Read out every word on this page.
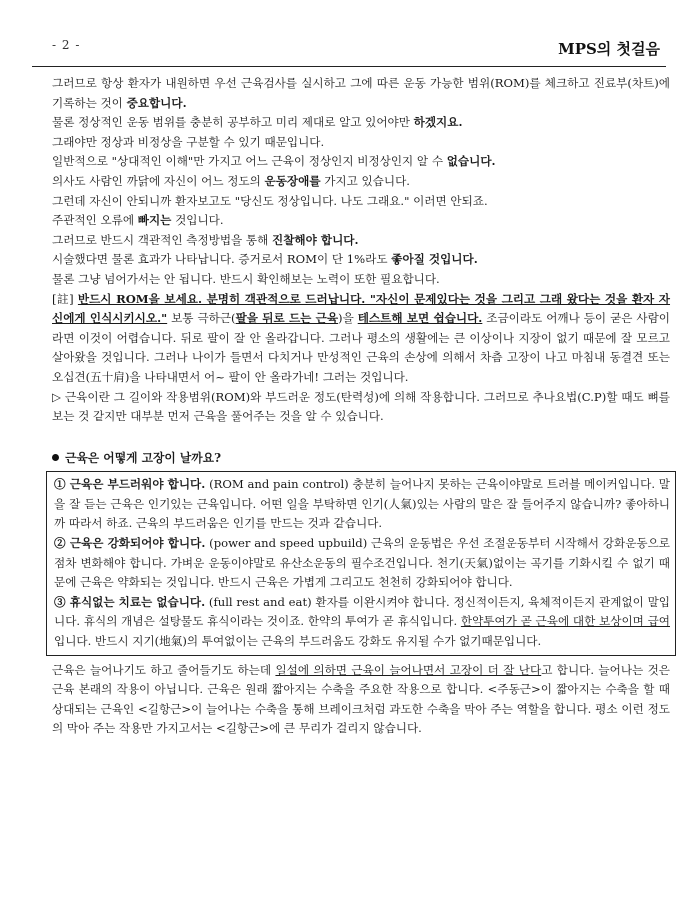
- 2 -	MPS의 첫걸음

그러므로 항상 환자가 내원하면 우선 근육검사를 실시하고 그에 따른 운동 가능한 범위(ROM)를 체크하고 진료부(차트)에 기록하는 것이 중요합니다.

물론 정상적인 운동 범위를 충분히 공부하고 미리 제대로 알고 있어야만 하겠지요.

그래야만 정상과 비정상을 구분할 수 있기 때문입니다.

일반적으로 "상대적인 이해"만 가지고 어느 근육이 정상인지 비정상인지 알 수 없습니다.

의사도 사람인 까닭에 자신이 어느 정도의 운동장애를 가지고 있습니다.

그런데 자신이 안되니까 환자보고도 "당신도 정상입니다. 나도 그래요." 이러면 안되죠.

주관적인 오류에 빠지는 것입니다.

그러므로 반드시 객관적인 측정방법을 통해 진찰해야 합니다.

시술했다면 물론 효과가 나타납니다. 증거로서 ROM이 단 1%라도 좋아질 것입니다.

물론 그냥 넘어가서는 안 됩니다. 반드시 확인해보는 노력이 또한 필요합니다.

[註] 반드시 ROM을 보세요. 분명히 객관적으로 드러납니다. "자신이 문제있다는 것을 그리고 그래 왔다는 것을 환자 자신에게 인식시키시오." 보통 극하근(팔을 뒤로 드는 근육)을 테스트해 보면 쉽습니다. 조금이라도 어깨나 등이 굳은 사람이라면 이것이 어렵습니다. 뒤로 팔이 잘 안 올라갑니다. 그러나 평소의 생활에는 큰 이상이나 지장이 없기 때문에 잘 모르고 살아왔을 것입니다. 그러나 나이가 들면서 다치거나 만성적인 근육의 손상에 의해서 차츰 고장이 나고 마침내 동결견 또는 오십견(五十肩)을 나타내면서 어~ 팔이 안 올라가네! 그러는 것입니다.

▷ 근육이란 그 길이와 작용범위(ROM)와 부드러운 정도(탄력성)에 의해 작용합니다. 그러므로 추나요법(C.P)할 때도 뼈를 보는 것 같지만 대부분 먼저 근육을 풀어주는 것을 알 수 있습니다.

근육은 어떻게 고장이 날까요?

① 근육은 부드러워야 합니다. (ROM and pain control) 충분히 늘어나지 못하는 근육이야말로 트러블 메이커입니다. 말을 잘 듣는 근육은 인기있는 근육입니다. 어떤 일을 부탁하면 인기(人氣)있는 사람의 말은 잘 들어주지 않습니까? 좋아하니까 따라서 하죠. 근육의 부드러움은 인기를 만드는 것과 같습니다.

② 근육은 강화되어야 합니다. (power and speed upbuild) 근육의 운동법은 우선 조절운동부터 시작해서 강화운동으로 점차 변화해야 합니다. 가벼운 운동이야말로 유산소운동의 필수조건입니다. 천기(天氣)없이는 곡기를 기화시킬 수 없기 때문에 근육은 약화되는 것입니다. 반드시 근육은 가볍게 그리고도 천천히 강화되어야 합니다.

③ 휴식없는 치료는 없습니다. (full rest and eat) 환자를 이완시켜야 합니다. 정신적이든지, 육체적이든지 관계없이 말입니다. 휴식의 개념은 설탕물도 휴식이라는 것이죠. 한약의 투여가 곧 휴식입니다. 한약투여가 곧 근육에 대한 보상이며 급여입니다. 반드시 지기(地氣)의 투여없이는 근육의 부드러움도 강화도 유지될 수가 없기때문입니다.

근육은 늘어나기도 하고 줄어들기도 하는데 일설에 의하면 근육이 늘어나면서 고장이 더 잘 난다고 합니다. 늘어나는 것은 근육 본래의 작용이 아닙니다. 근육은 원래 짧아지는 수축을 주요한 작용으로 합니다. <주동근>이 짧아지는 수축을 할 때 상대되는 근육인 <길항근>이 늘어나는 수축을 통해 브레이크처럼 과도한 수축을 막아 주는 역할을 합니다. 평소 이런 정도의 막아 주는 작용만 가지고서는 <길항근>에 큰 무리가 걸리지 않습니다.
